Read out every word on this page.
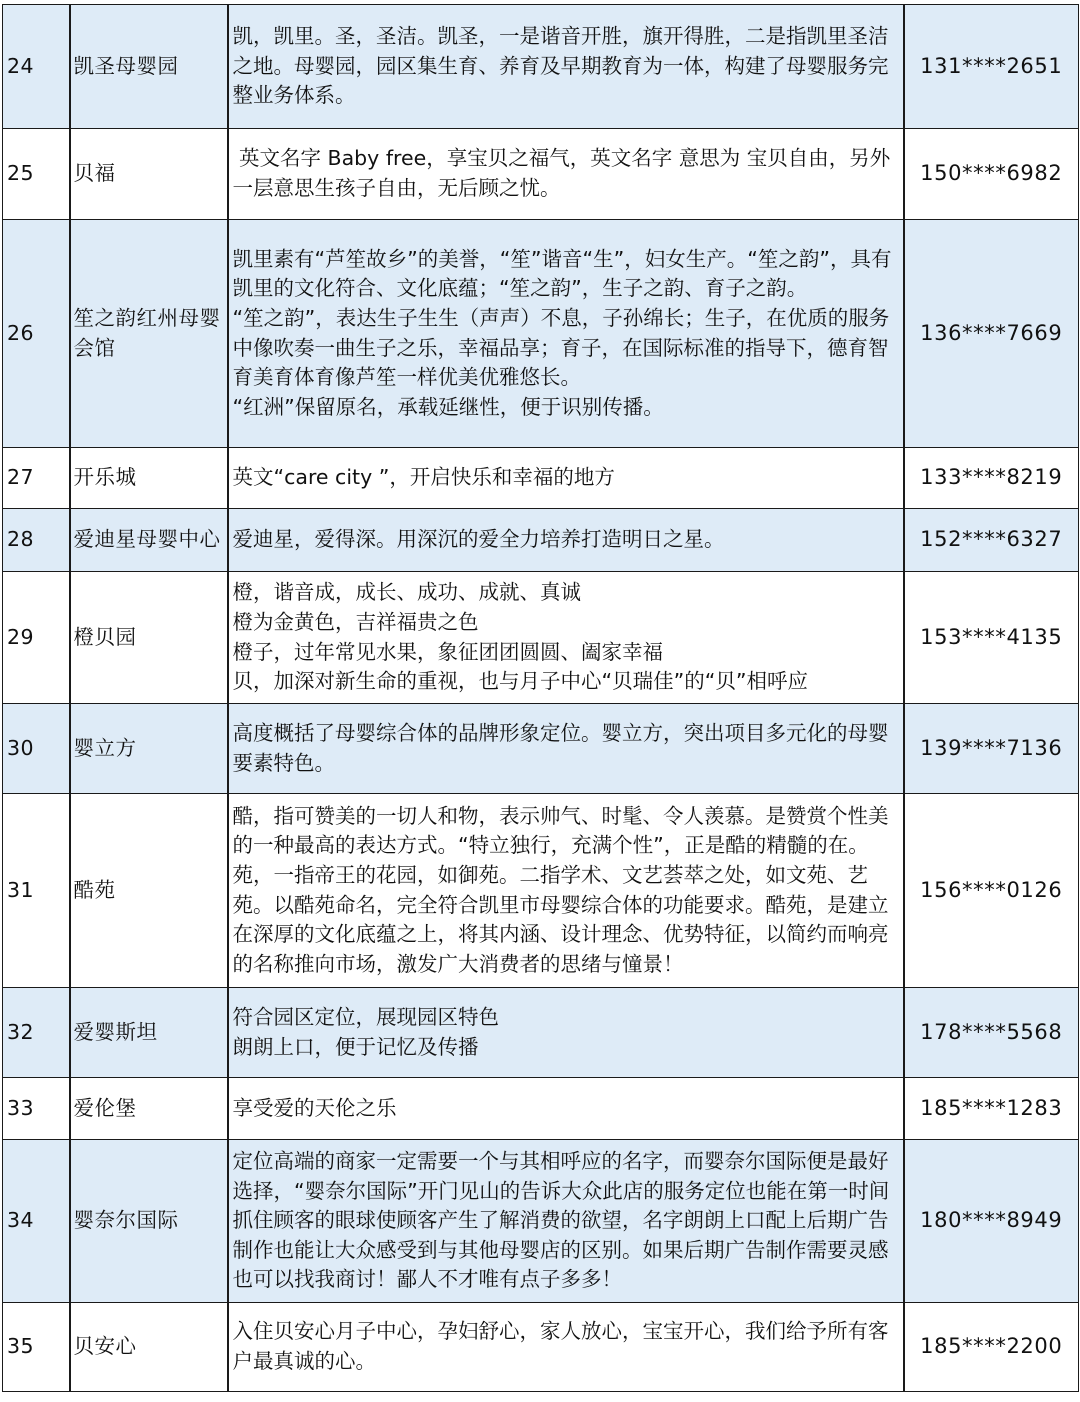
24	凯圣母婴园	凯，凯里。圣，圣洁。凯圣，一是谐音开胜，旗开得胜，二是指凯里圣洁之地。母婴园，园区集生育、养育及早期教育为一体，构建了母婴服务完整业务体系。	131****2651
25	贝福	英文名字 Baby free，享宝贝之福气，英文名字 意思为 宝贝自由，另外一层意思生孩子自由，无后顾之忧。	150****6982
26	笙之韵红州母婴会馆	凯里素有“芦笙故乡”的美誉，“笙”谐音“生”，妇女生产。“笙之韵”，具有凯里的文化符合、文化底蕴；“笙之韵”，生子之韵、育子之韵。
“笙之韵”，表达生子生生（声声）不息，子孙绵长；生子，在优质的服务中像吹奏一曲生子之乐，幸福品享；育子，在国际标准的指导下，德育智育美育体育像芦笙一样优美优雅悠长。
“红洲”保留原名，承载延继性，便于识别传播。	136****7669
27	开乐城	英文“care city ”，开启快乐和幸福的地方	133****8219
28	爱迪星母婴中心	爱迪星，爱得深。用深沉的爱全力培养打造明日之星。	152****6327
29	橙贝园	橙，谐音成，成长、成功、成就、真诚
橙为金黄色，吉祥福贵之色
橙子，过年常见水果，象征团团圆圆、阖家幸福
贝，加深对新生命的重视，也与月子中心“贝瑞佳”的“贝”相呼应	153****4135
30	婴立方	高度概括了母婴综合体的品牌形象定位。婴立方，突出项目多元化的母婴要素特色。	139****7136
31	酷苑	酷，指可赞美的一切人和物，表示帅气、时髦、令人羡慕。是赞赏个性美的一种最高的表达方式。“特立独行，充满个性”，正是酷的精髓的在。苑，一指帝王的花园，如御苑。二指学术、文艺荟萃之处，如文苑、艺苑。以酷苑命名，完全符合凯里市母婴综合体的功能要求。酷苑，是建立在深厚的文化底蕴之上，将其内涵、设计理念、优势特征，以简约而响亮的名称推向市场，激发广大消费者的思绪与憧景！	156****0126
32	爱婴斯坦	符合园区定位，展现园区特色
朗朗上口，便于记忆及传播	178****5568
33	爱伦堡	享受爱的天伦之乐	185****1283
34	婴奈尔国际	定位高端的商家一定需要一个与其相呼应的名字，而婴奈尔国际便是最好选择，“婴奈尔国际”开门见山的告诉大众此店的服务定位也能在第一时间抓住顾客的眼球使顾客产生了解消费的欲望，名字朗朗上口配上后期广告制作也能让大众感受到与其他母婴店的区别。如果后期广告制作需要灵感也可以找我商讨！鄙人不才唯有点子多多！	180****8949
35	贝安心	入住贝安心月子中心，孕妇舒心，家人放心，宝宝开心，我们给予所有客户最真诚的心。	185****2200
